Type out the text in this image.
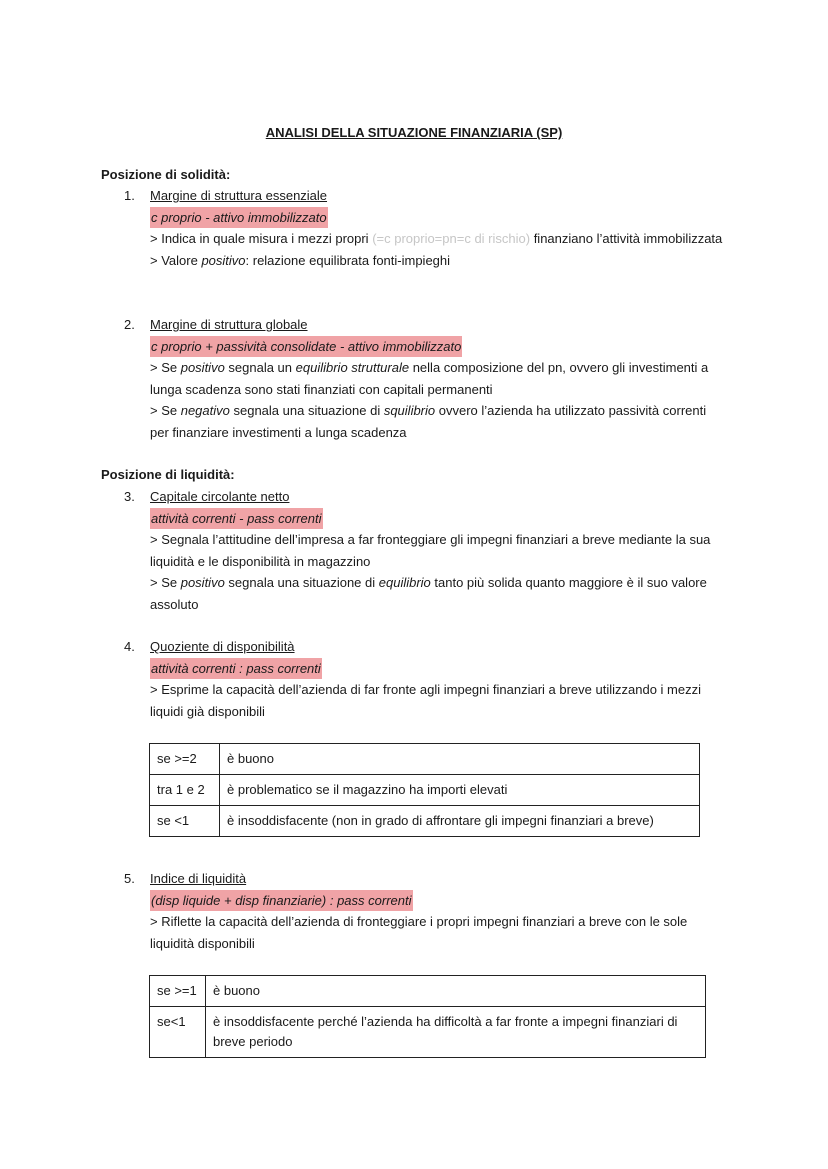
ANALISI DELLA SITUAZIONE FINANZIARIA (SP)
Posizione di solidità:
1. Margine di struttura essenziale
c proprio - attivo immobilizzato

> Indica in quale misura i mezzi propri (=c proprio=pn=c di rischio) finanziano l’attività immobilizzata

> Valore positivo: relazione equilibrata fonti-impieghi

2. Margine di struttura globale
c proprio + passività consolidate - attivo immobilizzato

> Se positivo segnala un equilibrio strutturale nella composizione del pn, ovvero gli investimenti a lunga scadenza sono stati finanziati con capitali permanenti

> Se negativo segnala una situazione di squilibrio ovvero l’azienda ha utilizzato passività correnti per finanziare investimenti a lunga scadenza

Posizione di liquidità:
3. Capitale circolante netto
attività correnti - pass correnti

> Segnala l’attitudine dell’impresa a far fronteggiare gli impegni finanziari a breve mediante la sua liquidità e le disponibilità in magazzino

> Se positivo segnala una situazione di equilibrio tanto più solida quanto maggiore è il suo valore assoluto

4. Quoziente di disponibilità
attività correnti : pass correnti

> Esprime la capacità dell’azienda di far fronte agli impegni finanziari a breve utilizzando i mezzi liquidi già disponibili

se >=2	è buono
tra 1 e 2	è problematico se il magazzino ha importi elevati
se <1	è insoddisfacente (non in grado di affrontare gli impegni finanziari a breve)
5. Indice di liquidità
(disp liquide + disp finanziarie) : pass correnti

> Riflette la capacità dell’azienda di fronteggiare i propri impegni finanziari a breve con le sole liquidità disponibili

se >=1	è buono
se<1	è insoddisfacente perché l’azienda ha difficoltà a far fronte a impegni finanziari di breve periodo
